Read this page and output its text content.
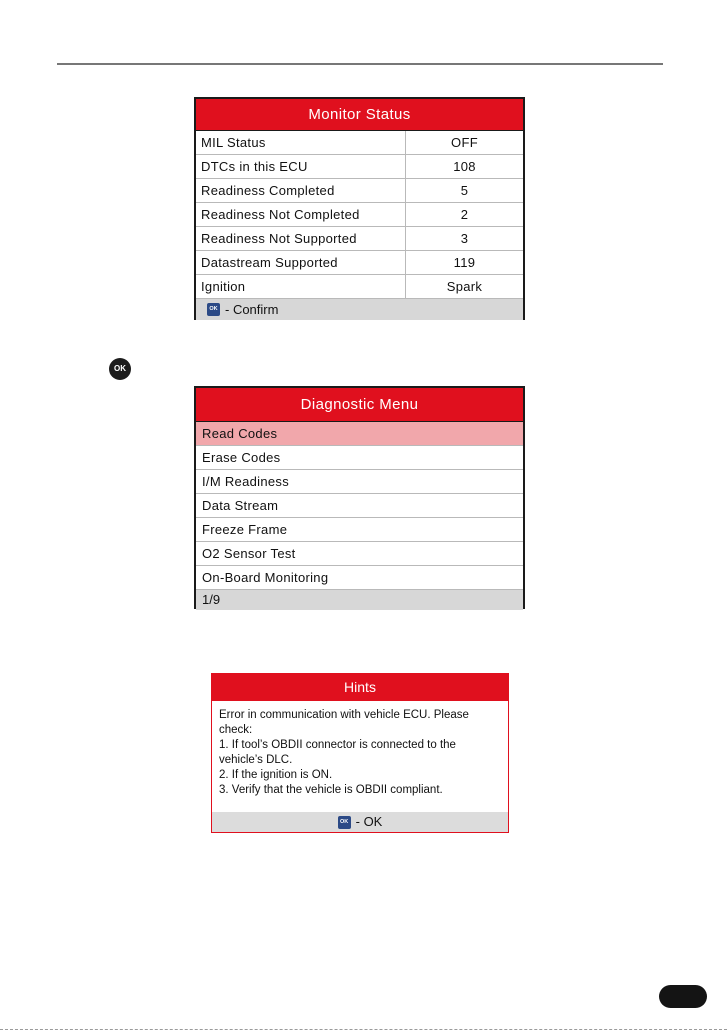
Monitor Status
MIL Status	OFF
DTCs in this ECU	108
Readiness Completed	5
Readiness Not Completed	2
Readiness Not Supported	3
Datastream Supported	119
Ignition	Spark
OK - Confirm
OK
Diagnostic Menu
Read Codes
Erase Codes
I/M Readiness
Data Stream
Freeze Frame
O2 Sensor Test
On-Board Monitoring
1/9
Hints
Error in communication with vehicle ECU. Please
check:
1. If tool’s OBDII connector is connected to the
vehicle’s DLC.
2. If the ignition is ON.
3. Verify that the vehicle is OBDII compliant.
OK - OK
